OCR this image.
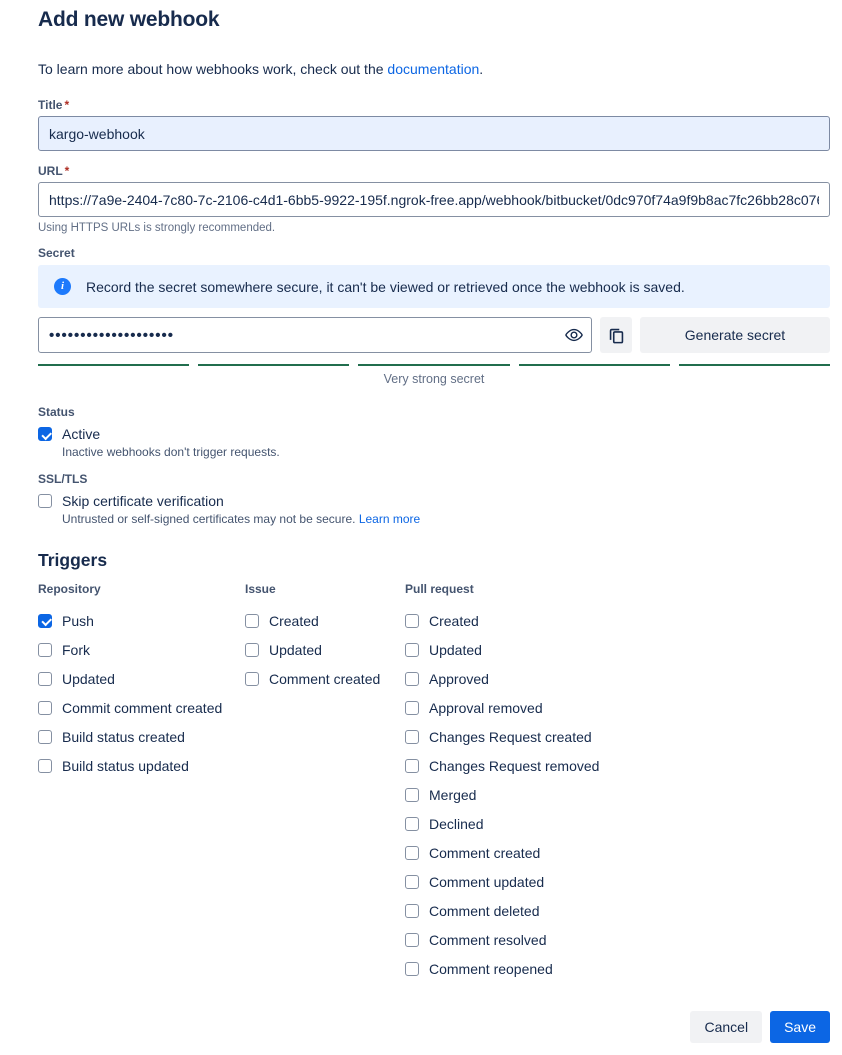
Add new webhook
To learn more about how webhooks work, check out the documentation.
Title *
kargo-webhook
URL *
https://7a9e-2404-7c80-7c-2106-c4d1-6bb5-9922-195f.ngrok-free.app/webhook/bitbucket/0dc970f74a9f9b8ac7fc26bb28c076c0c9
Using HTTPS URLs is strongly recommended.
Secret
i	Record the secret somewhere secure, it can't be viewed or retrieved once the webhook is saved.
••••••••••••••••••••	Generate secret
Very strong secret
Status
Active
Inactive webhooks don't trigger requests.
SSL/TLS
Skip certificate verification
Untrusted or self-signed certificates may not be secure. Learn more
Triggers
Repository
Push
Fork
Updated
Commit comment created
Build status created
Build status updated
Issue
Created
Updated
Comment created
Pull request
Created
Updated
Approved
Approval removed
Changes Request created
Changes Request removed
Merged
Declined
Comment created
Comment updated
Comment deleted
Comment resolved
Comment reopened
Cancel	Save
